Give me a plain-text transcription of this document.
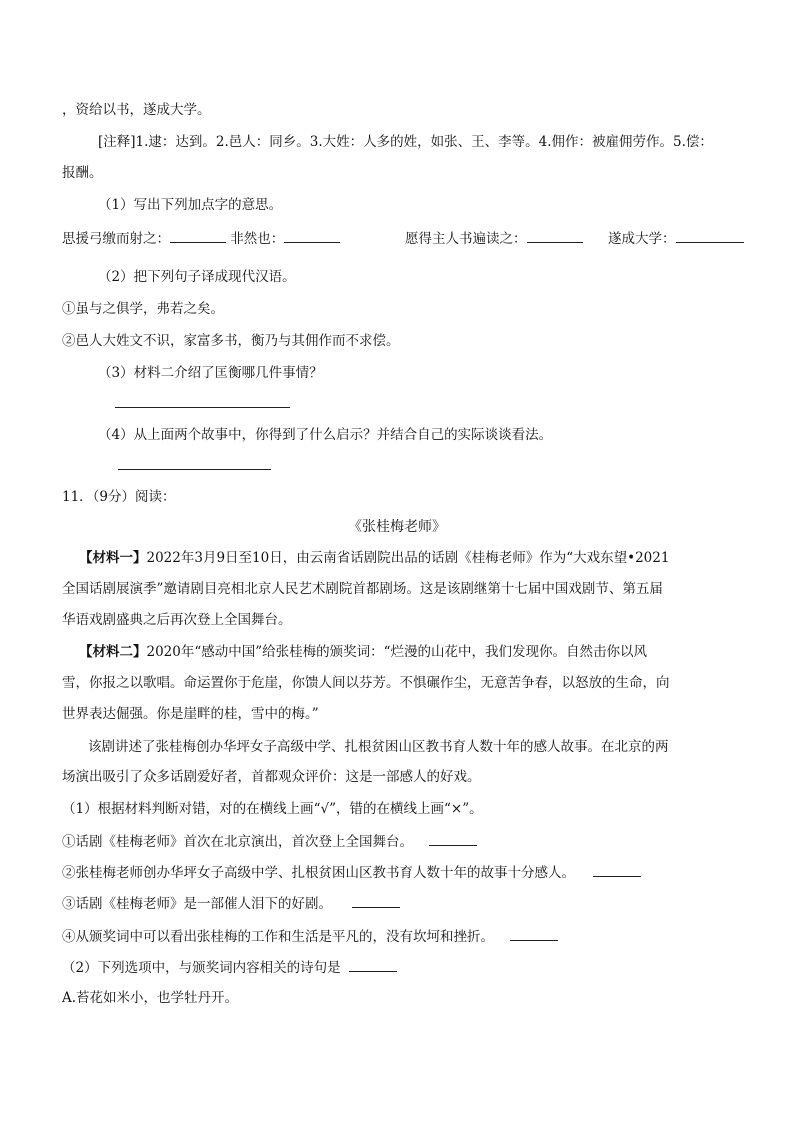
，资给以书，遂成大学。
[注释]1.逮：达到。2.邑人：同乡。3.大姓：人多的姓，如张、王、李等。4.佣作：被雇佣劳作。5.偿：
报酬。
（1）写出下列加点字的意思。
思援弓缴而射之：	非然也：	愿得主人书遍读之：	遂成大学：
（2）把下列句子译成现代汉语。
①虽与之俱学，弗若之矣。
②邑人大姓文不识，家富多书，衡乃与其佣作而不求偿。
（3）材料二介绍了匡衡哪几件事情？
（4）从上面两个故事中，你得到了什么启示？并结合自己的实际谈谈看法。
11．（9分）阅读：
《张桂梅老师》
【材料一】2022年3月9日至10日，由云南省话剧院出品的话剧《桂梅老师》作为“大戏东望•2021
全国话剧展演季”邀请剧目亮相北京人民艺术剧院首都剧场。这是该剧继第十七届中国戏剧节、第五届
华语戏剧盛典之后再次登上全国舞台。
【材料二】2020年“感动中国”给张桂梅的颁奖词：“烂漫的山花中，我们发现你。自然击你以风
雪，你报之以歌唱。命运置你于危崖，你馈人间以芬芳。不惧碾作尘，无意苦争春，以怒放的生命，向
世界表达倔强。你是崖畔的桂，雪中的梅。”
该剧讲述了张桂梅创办华坪女子高级中学、扎根贫困山区教书育人数十年的感人故事。在北京的两
场演出吸引了众多话剧爱好者，首都观众评价：这是一部感人的好戏。
（1）根据材料判断对错，对的在横线上画“√”，错的在横线上画“×”。
①话剧《桂梅老师》首次在北京演出，首次登上全国舞台。
②张桂梅老师创办华坪女子高级中学、扎根贫困山区教书育人数十年的故事十分感人。
③话剧《桂梅老师》是一部催人泪下的好剧。
④从颁奖词中可以看出张桂梅的工作和生活是平凡的，没有坎坷和挫折。
（2）下列选项中，与颁奖词内容相关的诗句是
A.苔花如米小，也学牡丹开。
